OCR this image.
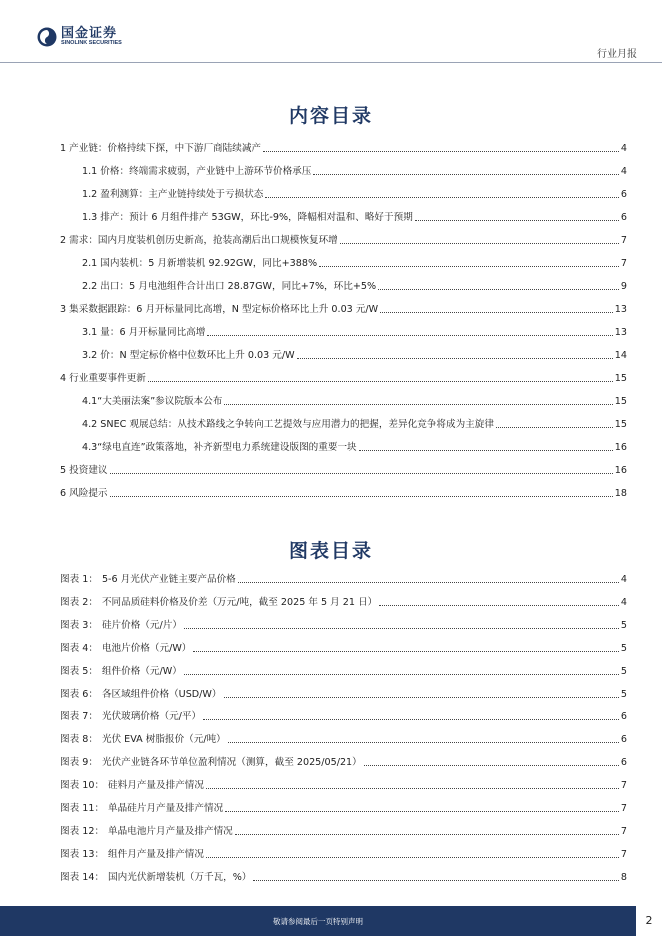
国金证券
SINOLINK SECURITIES
行业月报
内容目录
1 产业链：价格持续下探，中下游厂商陆续减产	4
1.1 价格：终端需求疲弱，产业链中上游环节价格承压	4
1.2 盈利测算：主产业链持续处于亏损状态	6
1.3 排产：预计 6 月组件排产 53GW，环比-9%，降幅相对温和、略好于预期	6
2 需求：国内月度装机创历史新高，抢装高潮后出口规模恢复环增	7
2.1 国内装机：5 月新增装机 92.92GW，同比+388%	7
2.2 出口：5 月电池组件合计出口 28.87GW，同比+7%，环比+5%	9
3 集采数据跟踪：6 月开标量同比高增，N 型定标价格环比上升 0.03 元/W	13
3.1 量：6 月开标量同比高增	13
3.2 价：N 型定标价格中位数环比上升 0.03 元/W	14
4 行业重要事件更新	15
4.1“大美丽法案”参议院版本公布	15
4.2 SNEC 观展总结：从技术路线之争转向工艺提效与应用潜力的把握，差异化竞争将成为主旋律	15
4.3“绿电直连”政策落地，补齐新型电力系统建设版图的重要一块	16
5 投资建议	16
6 风险提示	18
图表目录
图表 1： 5-6 月光伏产业链主要产品价格	4
图表 2： 不同品质硅料价格及价差（万元/吨，截至 2025 年 5 月 21 日）	4
图表 3： 硅片价格（元/片）	5
图表 4： 电池片价格（元/W）	5
图表 5： 组件价格（元/W）	5
图表 6： 各区域组件价格（USD/W）	5
图表 7： 光伏玻璃价格（元/平）	6
图表 8： 光伏 EVA 树脂报价（元/吨）	6
图表 9： 光伏产业链各环节单位盈利情况（测算，截至 2025/05/21）	6
图表 10： 硅料月产量及排产情况	7
图表 11： 单晶硅片月产量及排产情况	7
图表 12： 单晶电池片月产量及排产情况	7
图表 13： 组件月产量及排产情况	7
图表 14： 国内光伏新增装机（万千瓦，%）	8
敬请参阅最后一页特别声明	2
